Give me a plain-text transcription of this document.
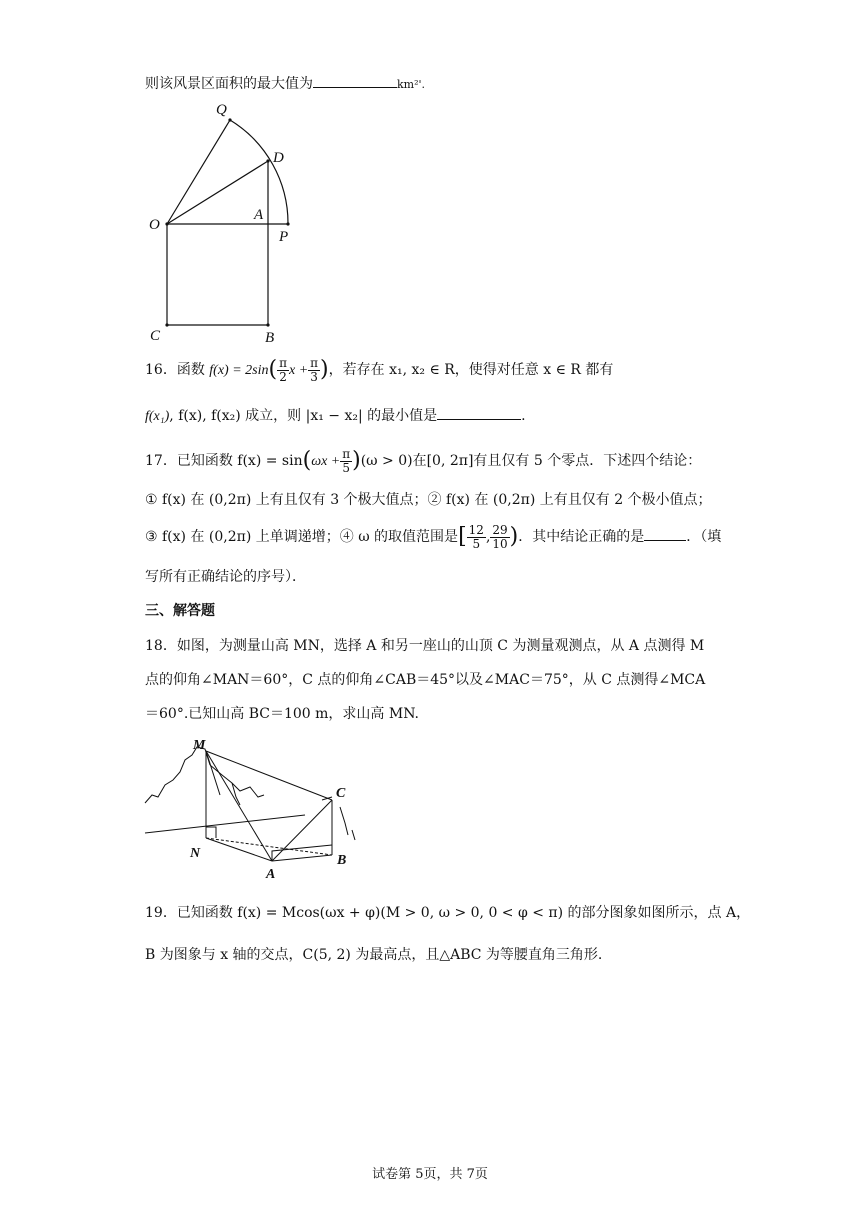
则该风景区面积的最大值为	km²'.
Q
D
O
A
P
C	B
16．函数 $f(x) = 2\sin( \frac{\pi}{2}$ $x + \frac{\pi}{3}$ )，若存在 x₁, x₂ ∈ R，使得对任意 x ∈ R 都有
f(x₁), f(x), f(x₂) 成立，则 |x₁ − x₂| 的最小值是	.
17．已知函数 $f(x) = \sin(\omega x + \frac{\pi}{5} )(\omega > 0)$在[0, 2π]有且仅有 5 个零点．下述四个结论：
① f(x) 在 (0,2π) 上有且仅有 3 个极大值点；② f(x) 在 (0,2π) 上有且仅有 2 个极小值点；
③ f(x) 在 (0,2π) 上单调递增；④ ω 的取值范围是[ $\frac{12}{5}$ , $\frac{29}{10}$ )．其中结论正确的是	．（填
写所有正确结论的序号）．
三、解答题
18．如图，为测量山高 MN，选择 A 和另一座山的山顶 C 为测量观测点，从 A 点测得 M
点的仰角∠MAN＝60°，C 点的仰角∠CAB＝45°以及∠MAC＝75°，从 C 点测得∠MCA
＝60°.已知山高 BC＝100 m，求山高 MN.
M
C
N
A
B
19．已知函数 f(x) = Mcos(ωx + φ)(M > 0, ω > 0, 0 < φ < π) 的部分图象如图所示，点 A，
B 为图象与 x 轴的交点，C(5, 2) 为最高点，且△ABC 为等腰直角三角形.
试卷第 5页，共 7页
